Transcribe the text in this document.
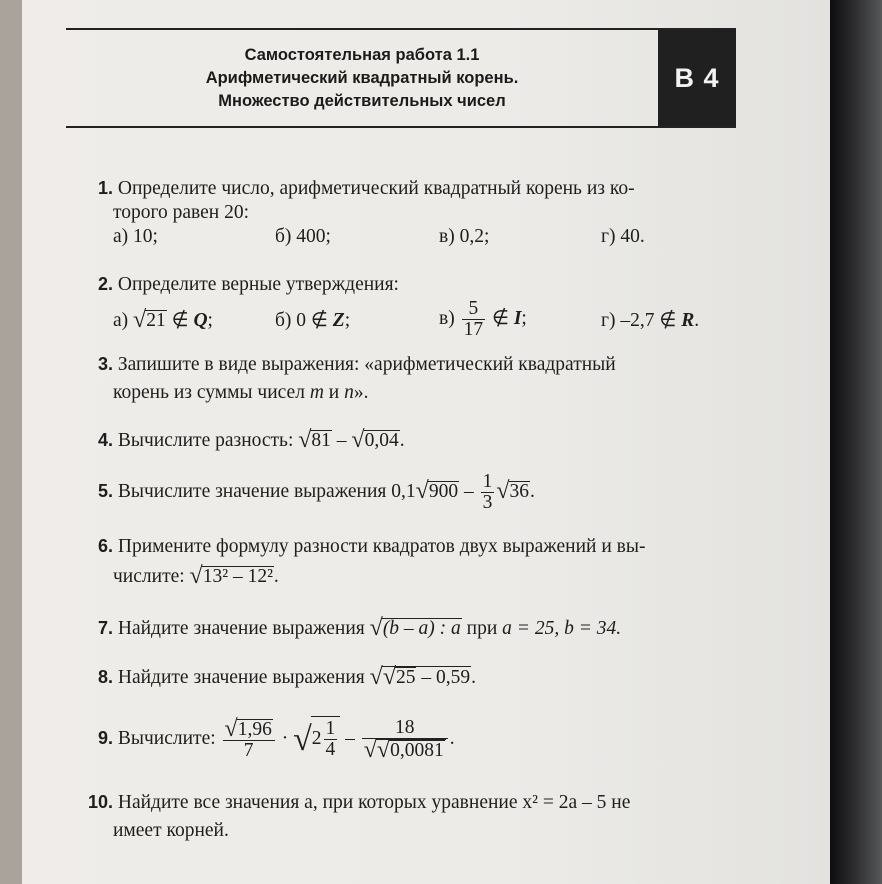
Самостоятельная работа 1.1
Арифметический квадратный корень.
Множество действительных чисел
В 4
1. Определите число, арифметический квадратный корень из ко-
торого равен 20:
а) 10;	б) 400;	в) 0,2;	г) 40.
2. Определите верные утверждения:
а) √21 ∉ Q;	б) 0 ∉ Z;	$в) \frac{5}{17}$ ∉ I;	г) –2,7 ∉ R.
3. Запишите в виде выражения: «арифметический квадратный
корень из суммы чисел m и n».
4. Вычислите разность: √81 – √0,04.
5. Вычислите значение выражения $0,1√900 - \frac{1}{3} √36$.
6. Примените формулу разности квадратов двух выражений и вы-
числите: √13² – 12².
7. Найдите значение выражения √(b – a) : a при a = 25, b = 34.
8. Найдите значение выражения √√25 – 0,59.
9. Вычислите: $\frac{√1,96}{7} \cdot √2 \frac{1}{4} - \frac{18}{√√0,0081}$ .
10. Найдите все значения a, при которых уравнение x² = 2a – 5 не
имеет корней.
